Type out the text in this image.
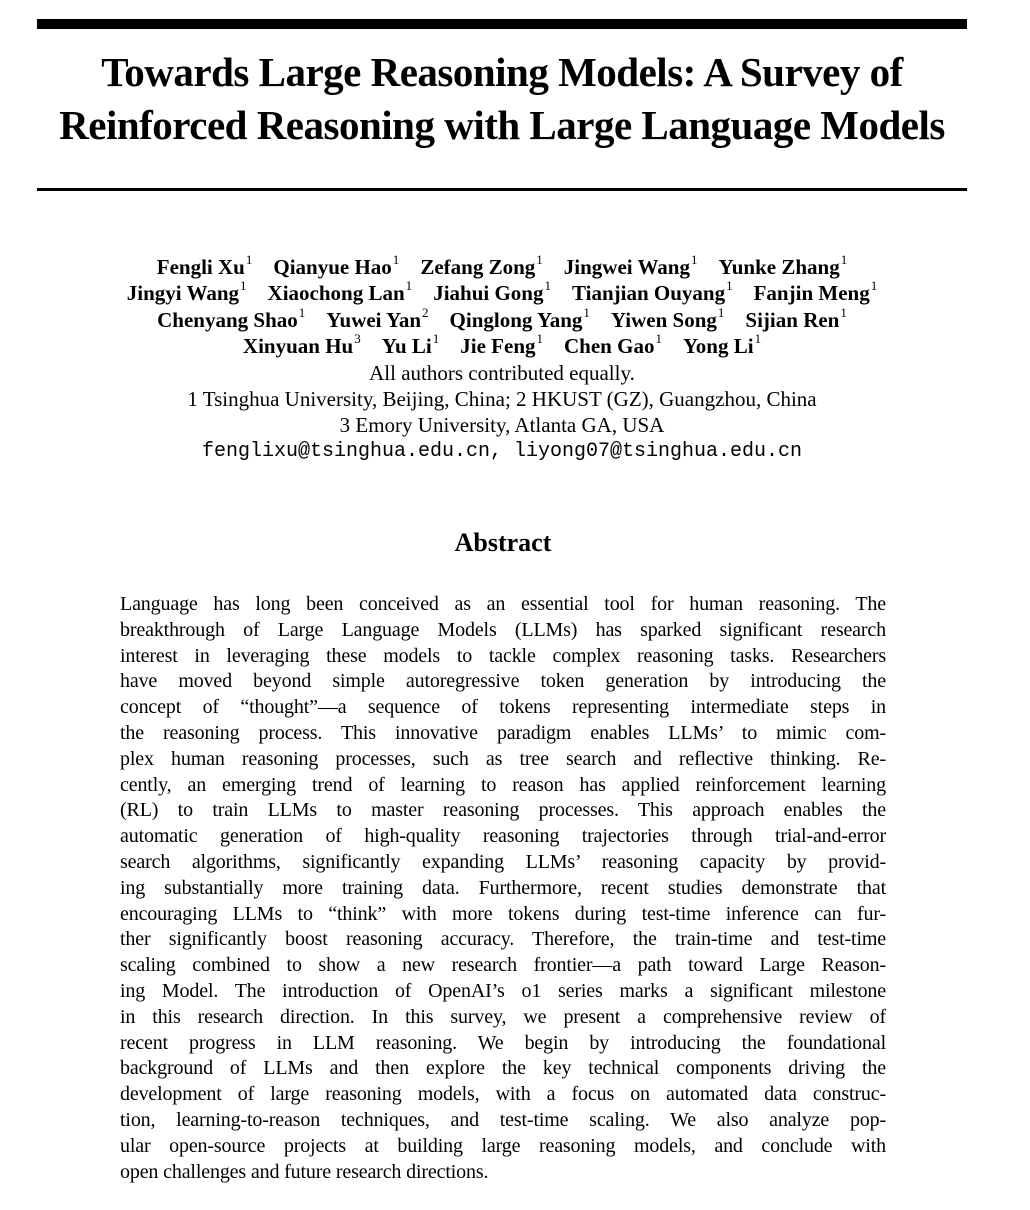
Towards Large Reasoning Models: A Survey of
Reinforced Reasoning with Large Language Models
Fengli Xu$^1$ Qianyue Hao$^1$ Zefang Zong$^1$ Jingwei Wang$^1$ Yunke Zhang$^1$
Jingyi Wang$^1$ Xiaochong Lan$^1$ Jiahui Gong$^1$ Tianjian Ouyang$^1$ Fanjin Meng$^1$
Chenyang Shao$^1$ Yuwei Yan$^2$ Qinglong Yang$^1$ Yiwen Song$^1$ Sijian Ren$^1$
Xinyuan Hu$^3$ Yu Li$^1$ Jie Feng$^1$ Chen Gao$^1$ Yong Li$^1$
All authors contributed equally.
1 Tsinghua University, Beijing, China; 2 HKUST (GZ), Guangzhou, China
3 Emory University, Atlanta GA, USA
fenglixu@tsinghua.edu.cn, liyong07@tsinghua.edu.cn
Abstract
Language has long been conceived as an essential tool for human reasoning. The
breakthrough of Large Language Models (LLMs) has sparked significant research
interest in leveraging these models to tackle complex reasoning tasks. Researchers
have moved beyond simple autoregressive token generation by introducing the
concept of “thought”—a sequence of tokens representing intermediate steps in
the reasoning process. This innovative paradigm enables LLMs’ to mimic com-
plex human reasoning processes, such as tree search and reflective thinking. Re-
cently, an emerging trend of learning to reason has applied reinforcement learning
(RL) to train LLMs to master reasoning processes. This approach enables the
automatic generation of high-quality reasoning trajectories through trial-and-error
search algorithms, significantly expanding LLMs’ reasoning capacity by provid-
ing substantially more training data. Furthermore, recent studies demonstrate that
encouraging LLMs to “think” with more tokens during test-time inference can fur-
ther significantly boost reasoning accuracy. Therefore, the train-time and test-time
scaling combined to show a new research frontier—a path toward Large Reason-
ing Model. The introduction of OpenAI’s o1 series marks a significant milestone
in this research direction. In this survey, we present a comprehensive review of
recent progress in LLM reasoning. We begin by introducing the foundational
background of LLMs and then explore the key technical components driving the
development of large reasoning models, with a focus on automated data construc-
tion, learning-to-reason techniques, and test-time scaling. We also analyze pop-
ular open-source projects at building large reasoning models, and conclude with
open challenges and future research directions.
